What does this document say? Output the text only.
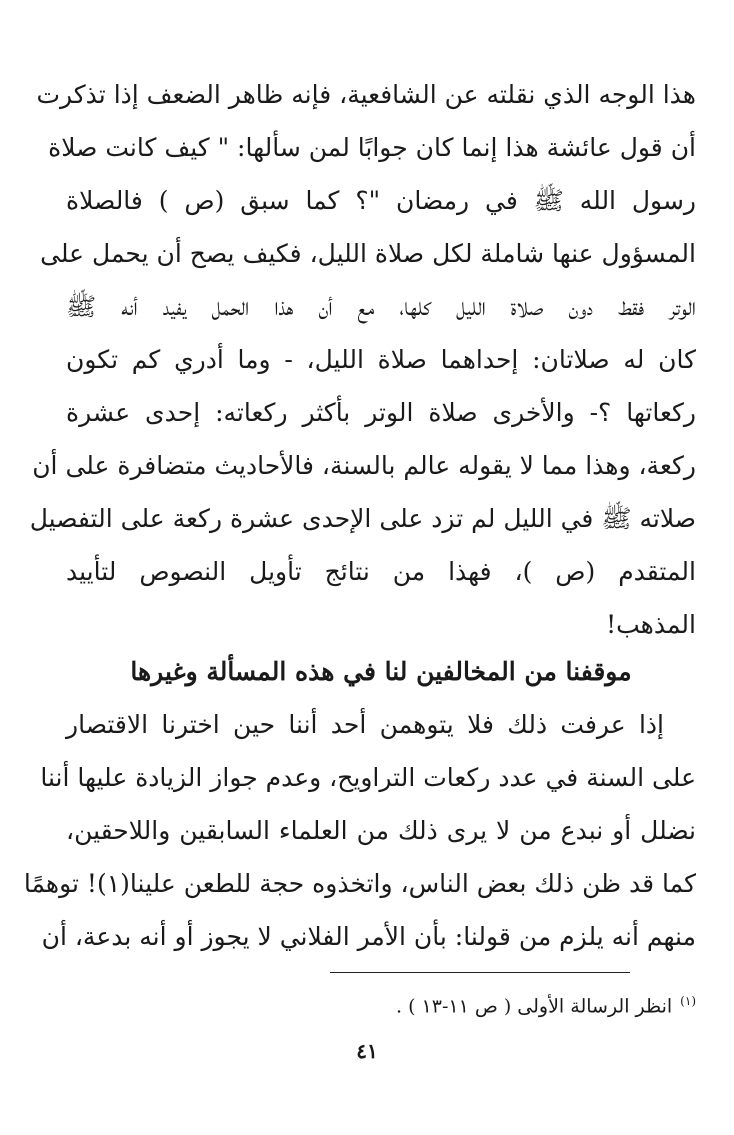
هذا الوجه الذي نقلته عن الشافعية، فإنه ظاهر الضعف إذا تذكرت
أن قول عائشة هذا إنما كان جوابًا لمن سألها: " كيف كانت صلاة
رسول الله ﷺ في رمضان "؟ كما سبق (ص ) فالصلاة
المسؤول عنها شاملة لكل صلاة الليل، فكيف يصح أن يحمل على
الوتر فقط دون صلاة الليل كلها، مع أن هذا الحمل يفيد أنه ﷺ
كان له صلاتان: إحداهما صلاة الليل، - وما أدري كم تكون
ركعاتها ؟- والأخرى صلاة الوتر بأكثر ركعاته: إحدى عشرة
ركعة، وهذا مما لا يقوله عالم بالسنة، فالأحاديث متضافرة على أن
صلاته ﷺ في الليل لم تزد على الإحدى عشرة ركعة على التفصيل
المتقدم (ص )، فهذا من نتائج تأويل النصوص لتأييد
المذهب!
موقفنا من المخالفين لنا في هذه المسألة وغيرها
إذا عرفت ذلك فلا يتوهمن أحد أننا حين اخترنا الاقتصار
على السنة في عدد ركعات التراويح، وعدم جواز الزيادة عليها أننا
نضلل أو نبدع من لا يرى ذلك من العلماء السابقين واللاحقين،
كما قد ظن ذلك بعض الناس، واتخذوه حجة للطعن علينا(١)! توهمًا
منهم أنه يلزم من قولنا: بأن الأمر الفلاني لا يجوز أو أنه بدعة، أن
$^{(١)}$انظر الرسالة الأولى ( ص ١١-١٣ ) .
٤١
